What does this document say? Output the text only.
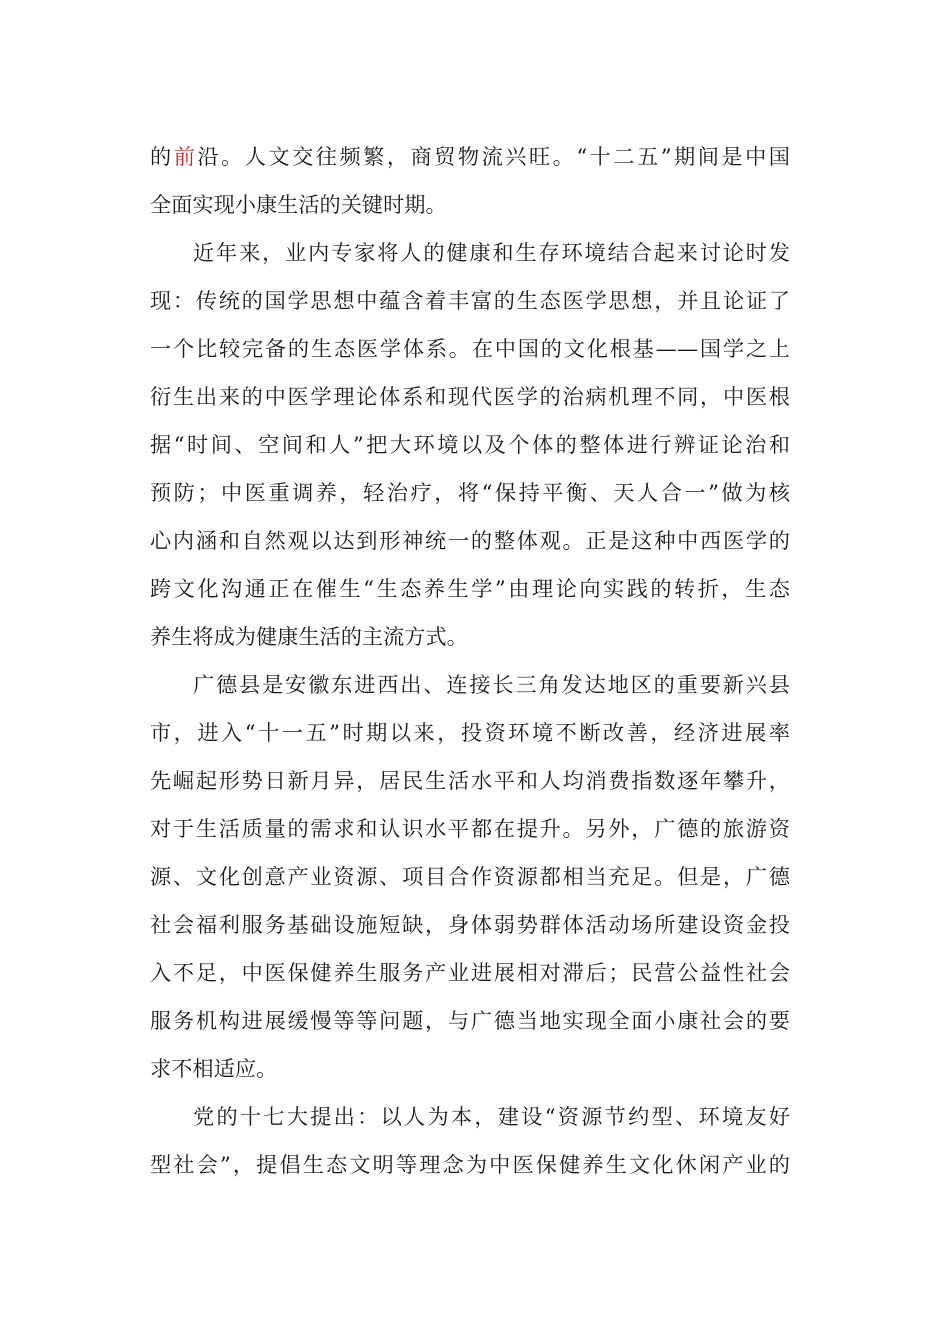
的前沿。人文交往频繁，商贸物流兴旺。“十二五”期间是中国
全面实现小康生活的关键时期。
近年来，业内专家将人的健康和生存环境结合起来讨论时发
现：传统的国学思想中蕴含着丰富的生态医学思想，并且论证了
一个比较完备的生态医学体系。在中国的文化根基——国学之上
衍生出来的中医学理论体系和现代医学的治病机理不同，中医根
据“时间、空间和人”把大环境以及个体的整体进行辨证论治和
预防；中医重调养，轻治疗，将“保持平衡、天人合一”做为核
心内涵和自然观以达到形神统一的整体观。正是这种中西医学的
跨文化沟通正在催生“生态养生学”由理论向实践的转折，生态
养生将成为健康生活的主流方式。
广德县是安徽东进西出、连接长三角发达地区的重要新兴县
市，进入“十一五”时期以来，投资环境不断改善，经济进展率
先崛起形势日新月异，居民生活水平和人均消费指数逐年攀升，
对于生活质量的需求和认识水平都在提升。另外，广德的旅游资
源、文化创意产业资源、项目合作资源都相当充足。但是，广德
社会福利服务基础设施短缺，身体弱势群体活动场所建设资金投
入不足，中医保健养生服务产业进展相对滞后；民营公益性社会
服务机构进展缓慢等等问题，与广德当地实现全面小康社会的要
求不相适应。
党的十七大提出：以人为本，建设“资源节约型、环境友好
型社会”，提倡生态文明等理念为中医保健养生文化休闲产业的
